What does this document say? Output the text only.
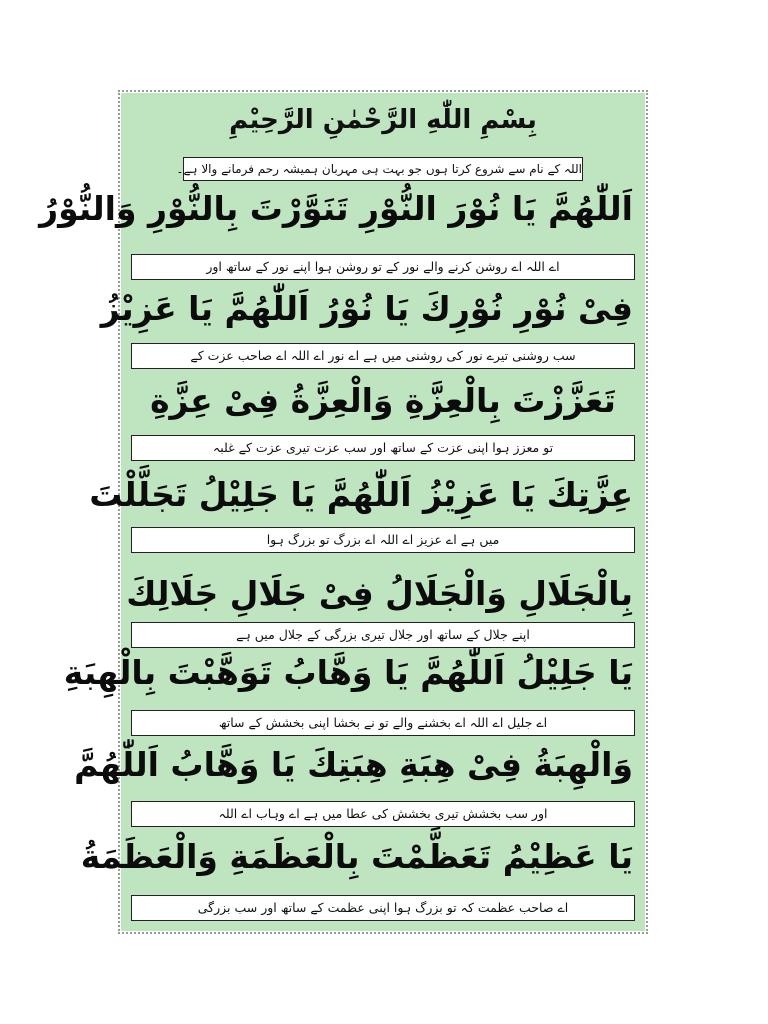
بِسْمِ اللّٰهِ الرَّحْمٰنِ الرَّحِیْمِ
اللہ کے نام سے شروع کرتا ہوں جو بہت ہی مہربان ہمیشہ رحم فرمانے والا ہے۔
اَللّٰھُمَّ یَا نُوْرَ النُّوْرِ تَنَوَّرْتَ بِالنُّوْرِ وَالنُّوْرُ
اے اللہ اے روشن کرنے والے نور کے تو روشن ہوا اپنے نور کے ساتھ اور
فِیْ نُوْرِ نُوْرِكَ یَا نُوْرُ اَللّٰھُمَّ یَا عَزِیْزُ
سب روشنی تیرے نور کی روشنی میں ہے اے نور اے اللہ اے صاحب عزت کے
تَعَزَّزْتَ بِالْعِزَّةِ وَالْعِزَّةُ فِیْ عِزَّةِ
تو معزز ہوا اپنی عزت کے ساتھ اور سب عزت تیری عزت کے غلبہ
عِزَّتِكَ یَا عَزِیْزُ اَللّٰھُمَّ یَا جَلِیْلُ تَجَلَّلْتَ
میں ہے اے عزیز اے اللہ اے بزرگ تو بزرگ ہوا
بِالْجَلَالِ وَالْجَلَالُ فِیْ جَلَالِ جَلَالِكَ
اپنے جلال کے ساتھ اور جلال تیری بزرگی کے جلال میں ہے
یَا جَلِیْلُ اَللّٰھُمَّ یَا وَھَّابُ تَوَھَّبْتَ بِالْھِبَةِ
اے جلیل اے اللہ اے بخشنے والے تو نے بخشا اپنی بخشش کے ساتھ
وَالْھِبَةُ فِیْ ھِبَةِ ھِبَتِكَ یَا وَھَّابُ اَللّٰھُمَّ
اور سب بخشش تیری بخشش کی عطا میں ہے اے وہاب اے اللہ
یَا عَظِیْمُ تَعَظَّمْتَ بِالْعَظَمَةِ وَالْعَظَمَةُ
اے صاحب عظمت کہ تو بزرگ ہوا اپنی عظمت کے ساتھ اور سب بزرگی
